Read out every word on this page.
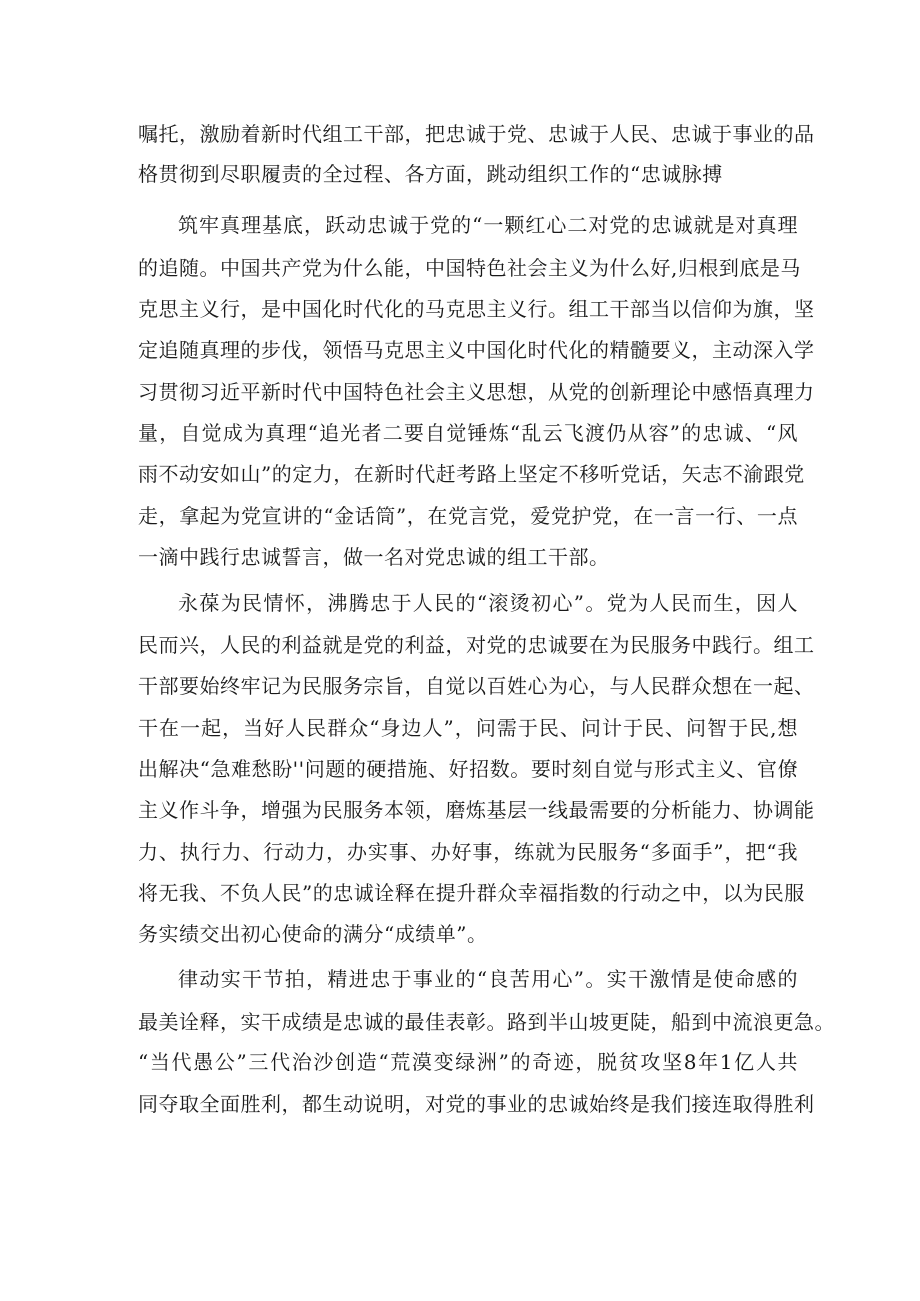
嘱托，激励着新时代组工干部，把忠诚于党、忠诚于人民、忠诚于事业的品
格贯彻到尽职履责的全过程、各方面，跳动组织工作的“忠诚脉搏
筑牢真理基底，跃动忠诚于党的“一颗红心二对党的忠诚就是对真理
的追随。中国共产党为什么能，中国特色社会主义为什么好,归根到底是马
克思主义行，是中国化时代化的马克思主义行。组工干部当以信仰为旗，坚
定追随真理的步伐，领悟马克思主义中国化时代化的精髓要义，主动深入学
习贯彻习近平新时代中国特色社会主义思想，从党的创新理论中感悟真理力
量，自觉成为真理“追光者二要自觉锤炼“乱云飞渡仍从容”的忠诚、“风
雨不动安如山”的定力，在新时代赶考路上坚定不移听党话，矢志不渝跟党
走，拿起为党宣讲的“金话筒”，在党言党，爱党护党，在一言一行、一点
一滴中践行忠诚誓言，做一名对党忠诚的组工干部。
永葆为民情怀，沸腾忠于人民的“滚烫初心”。党为人民而生，因人
民而兴，人民的利益就是党的利益，对党的忠诚要在为民服务中践行。组工
干部要始终牢记为民服务宗旨，自觉以百姓心为心，与人民群众想在一起、
干在一起，当好人民群众“身边人”，问需于民、问计于民、问智于民,想
出解决“急难愁盼''问题的硬措施、好招数。要时刻自觉与形式主义、官僚
主义作斗争，增强为民服务本领，磨炼基层一线最需要的分析能力、协调能
力、执行力、行动力，办实事、办好事，练就为民服务“多面手”，把“我
将无我、不负人民”的忠诚诠释在提升群众幸福指数的行动之中，以为民服
务实绩交出初心使命的满分“成绩单”。
律动实干节拍，精进忠于事业的“良苦用心”。实干激情是使命感的
最美诠释，实干成绩是忠诚的最佳表彰。路到半山坡更陡，船到中流浪更急。
“当代愚公”三代治沙创造“荒漠变绿洲”的奇迹，脱贫攻坚8年1亿人共
同夺取全面胜利，都生动说明，对党的事业的忠诚始终是我们接连取得胜利
